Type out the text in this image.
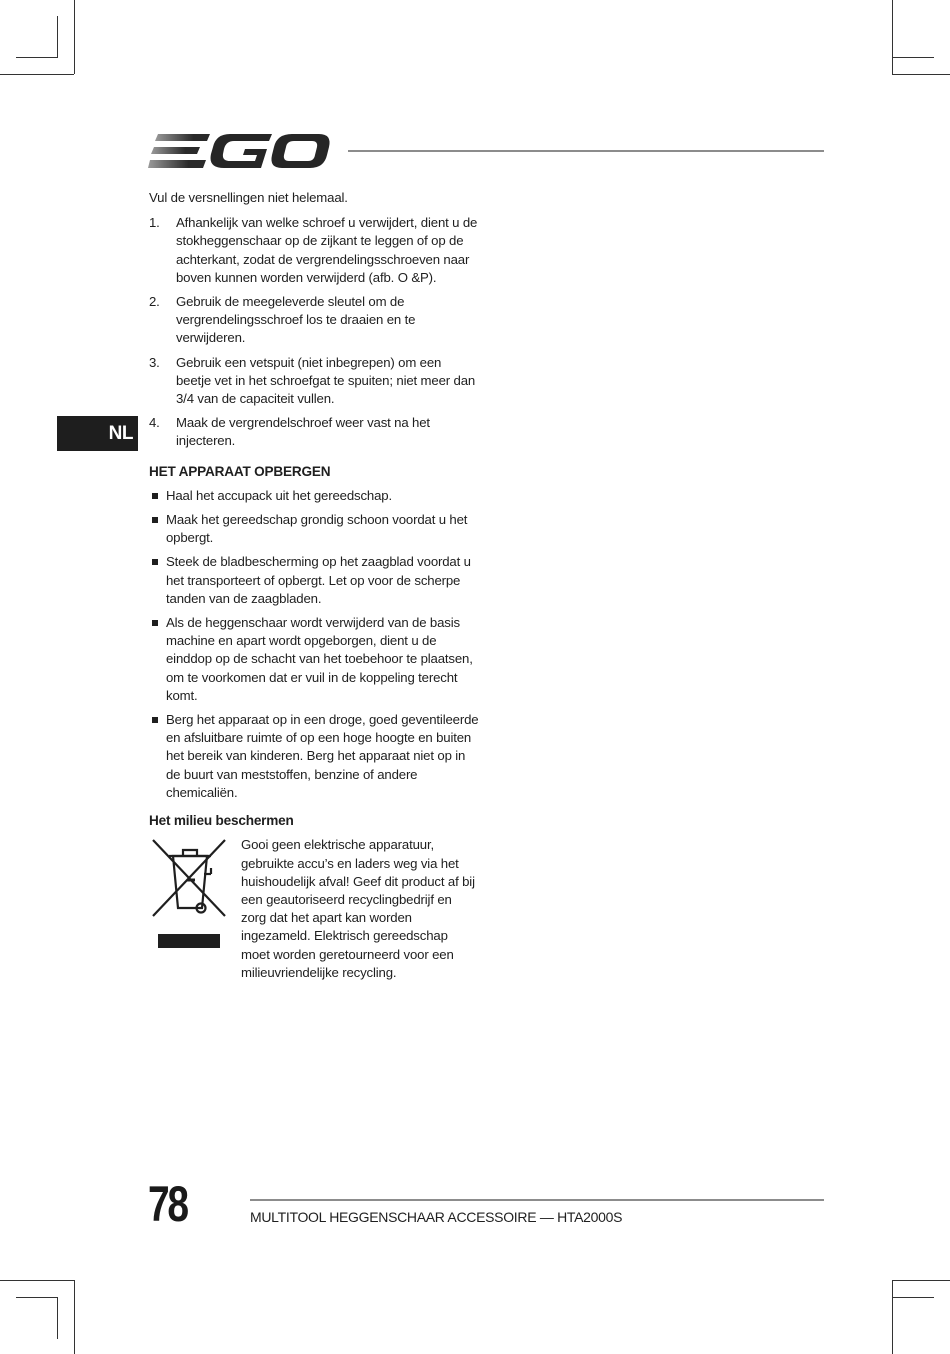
NL

Vul de versnellingen niet helemaal.

1. Afhankelijk van welke schroef u verwijdert, dient u de stokheggenschaar op de zijkant te leggen of op de achterkant, zodat de vergrendelingsschroeven naar boven kunnen worden verwijderd (afb. O &P).
2. Gebruik de meegeleverde sleutel om de vergrendelingsschroef los te draaien en te verwijderen.
3. Gebruik een vetspuit (niet inbegrepen) om een beetje vet in het schroefgat te spuiten; niet meer dan 3/4 van de capaciteit vullen.
4. Maak de vergrendelschroef weer vast na het injecteren.
HET APPARAAT OPBERGEN
Haal het accupack uit het gereedschap.
Maak het gereedschap grondig schoon voordat u het opbergt.
Steek de bladbescherming op het zaagblad voordat u het transporteert of opbergt. Let op voor de scherpe tanden van de zaagbladen.
Als de heggenschaar wordt verwijderd van de basis machine en apart wordt opgeborgen, dient u de einddop op de schacht van het toebehoor te plaatsen, om te voorkomen dat er vuil in de koppeling terecht komt.
Berg het apparaat op in een droge, goed geventileerde en afsluitbare ruimte of op een hoge hoogte en buiten het bereik van kinderen. Berg het apparaat niet op in de buurt van meststoffen, benzine of andere chemicaliën.
Het milieu beschermen

Gooi geen elektrische apparatuur, gebruikte accu’s en laders weg via het huishoudelijk afval! Geef dit product af bij een geautoriseerd recyclingbedrijf en zorg dat het apart kan worden ingezameld. Elektrisch gereedschap moet worden geretourneerd voor een milieuvriendelijke recycling.

78	MULTITOOL HEGGENSCHAAR ACCESSOIRE — HTA2000S
